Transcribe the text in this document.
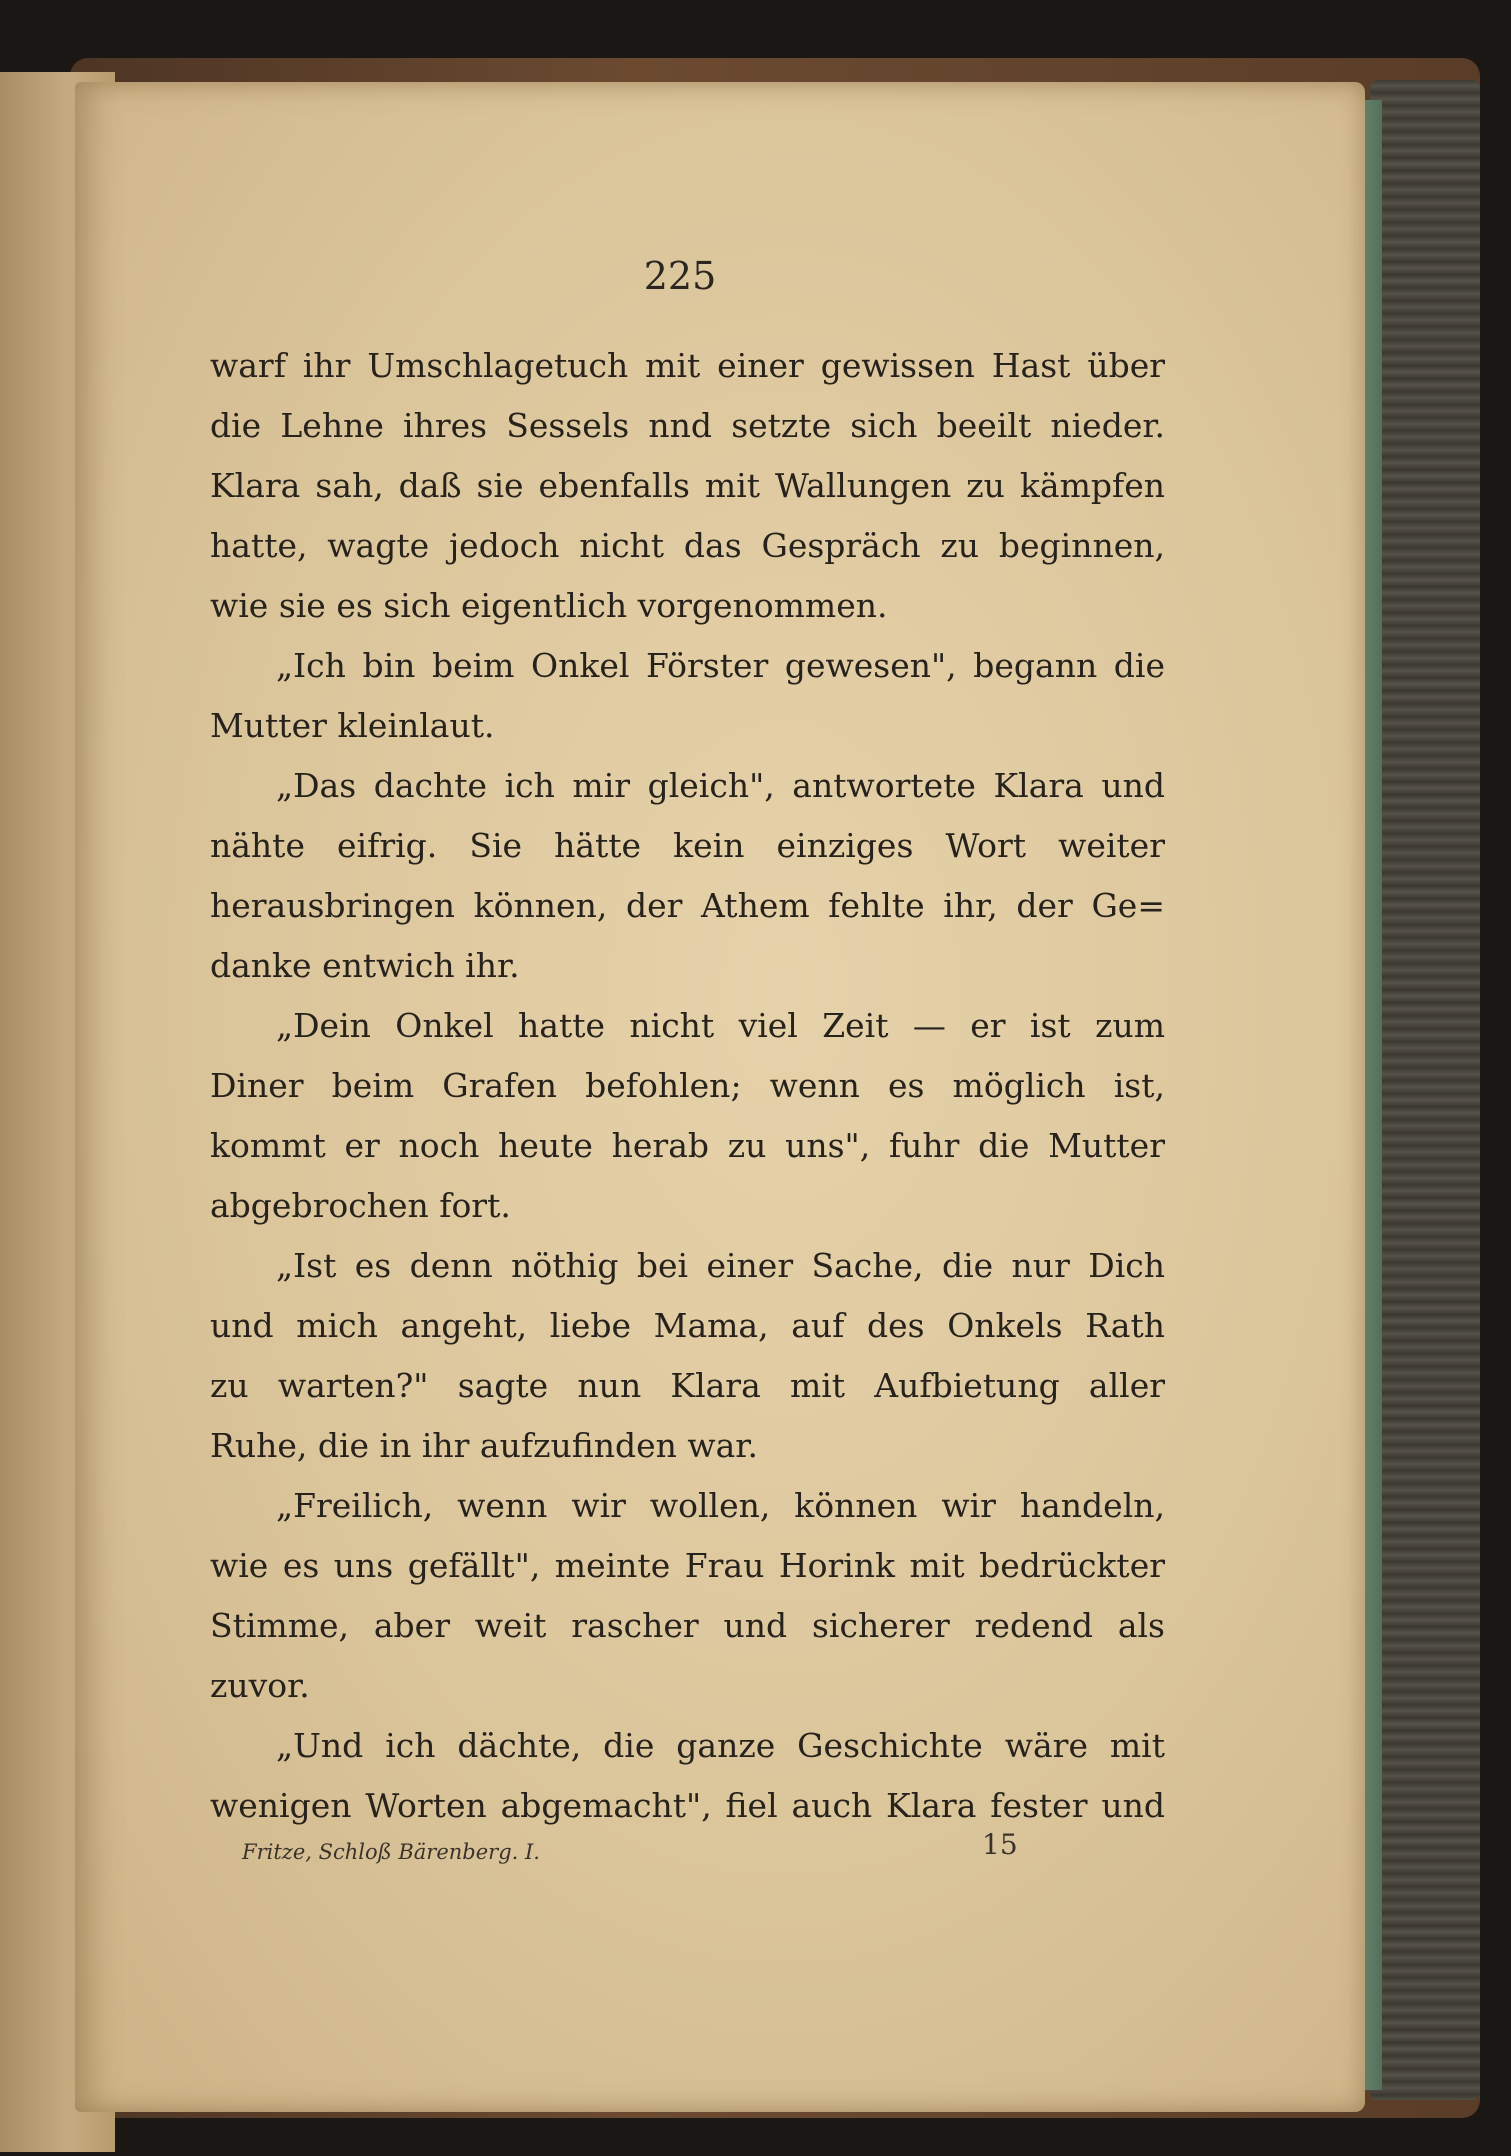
225
warf ihr Umschlagetuch mit einer gewissen Hast über
die Lehne ihres Sessels nnd setzte sich beeilt nieder.
Klara sah, daß sie ebenfalls mit Wallungen zu kämpfen
hatte, wagte jedoch nicht das Gespräch zu beginnen,
wie sie es sich eigentlich vorgenommen.
„Ich bin beim Onkel Förster gewesen", begann die
Mutter kleinlaut.
„Das dachte ich mir gleich", antwortete Klara und
nähte eifrig. Sie hätte kein einziges Wort weiter
herausbringen können, der Athem fehlte ihr, der Ge=
danke entwich ihr.
„Dein Onkel hatte nicht viel Zeit — er ist zum
Diner beim Grafen befohlen; wenn es möglich ist,
kommt er noch heute herab zu uns", fuhr die Mutter
abgebrochen fort.
„Ist es denn nöthig bei einer Sache, die nur Dich
und mich angeht, liebe Mama, auf des Onkels Rath
zu warten?" sagte nun Klara mit Aufbietung aller
Ruhe, die in ihr aufzufinden war.
„Freilich, wenn wir wollen, können wir handeln,
wie es uns gefällt", meinte Frau Horink mit bedrückter
Stimme, aber weit rascher und sicherer redend als
zuvor.
„Und ich dächte, die ganze Geschichte wäre mit
wenigen Worten abgemacht", fiel auch Klara fester und
Fritze, Schloß Bärenberg. I.	15
